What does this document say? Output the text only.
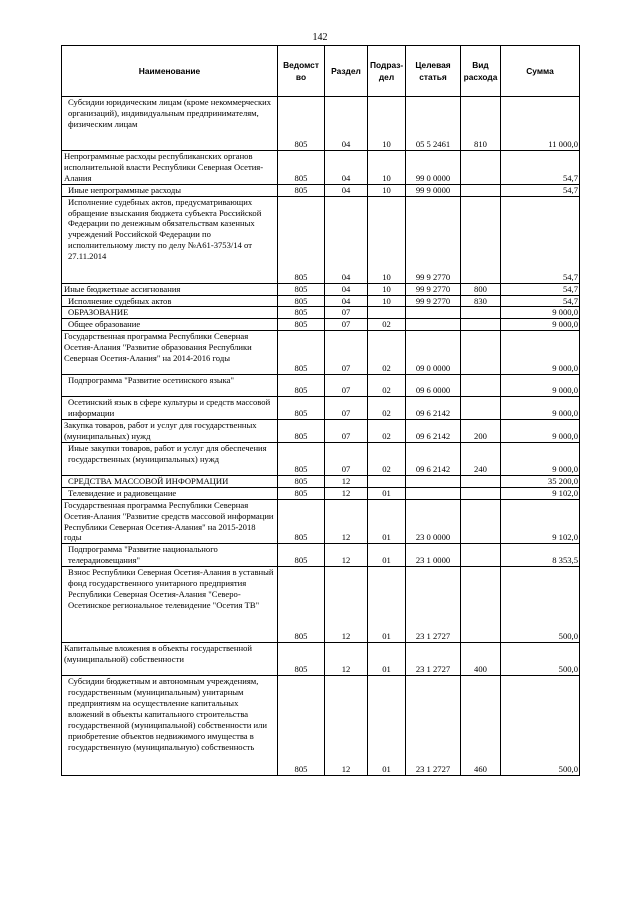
142
Наименование	Ведомст во	Раздел	Подраз- дел	Целевая статья	Вид расхода	Сумма
Субсидии юридическим лицам (кроме некоммерческих организаций), индивидуальным предпринимателям, физическим лицам	805	04	10	05 5 2461	810	11 000,0
Непрограммные расходы республиканских органов исполнительной власти Республики Северная Осетия-Алания	805	04	10	99 0 0000		54,7
Иные непрограммные расходы	805	04	10	99 9 0000		54,7
Исполнение судебных актов, предусматривающих обращение взыскания бюджета субъекта Российской Федерации по денежным обязательствам казенных учреждений Российской Федерации по исполнительному листу по делу №А61-3753/14 от 27.11.2014	805	04	10	99 9 2770		54,7
Иные бюджетные ассигнования	805	04	10	99 9 2770	800	54,7
Исполнение судебных актов	805	04	10	99 9 2770	830	54,7
ОБРАЗОВАНИЕ	805	07				9 000,0
Общее образование	805	07	02			9 000,0
Государственная программа Республики Северная Осетия-Алания "Развитие образования Республики Северная Осетия-Алания" на 2014-2016 годы	805	07	02	09 0 0000		9 000,0
Подпрограмма "Развитие осетинского языка"	805	07	02	09 6 0000		9 000,0
Осетинский язык в сфере культуры и средств массовой информации	805	07	02	09 6 2142		9 000,0
Закупка товаров, работ и услуг для государственных (муниципальных) нужд	805	07	02	09 6 2142	200	9 000,0
Иные закупки товаров, работ и услуг для обеспечения государственных (муниципальных) нужд	805	07	02	09 6 2142	240	9 000,0
СРЕДСТВА МАССОВОЙ ИНФОРМАЦИИ	805	12				35 200,0
Телевидение и радиовещание	805	12	01			9 102,0
Государственная программа Республики Северная Осетия-Алания "Развитие средств массовой информации Республики Северная Осетия-Алания" на 2015-2018 годы	805	12	01	23 0 0000		9 102,0
Подпрограмма "Развитие национального телерадиовещания"	805	12	01	23 1 0000		8 353,5
Взнос Республики Северная Осетия-Алания в уставный фонд государственного унитарного предприятия Республики Северная Осетия-Алания "Северо-Осетинское региональное телевидение "Осетия ТВ"	805	12	01	23 1 2727		500,0
Капитальные вложения в объекты государственной (муниципальной) собственности	805	12	01	23 1 2727	400	500,0
Субсидии бюджетным и автономным учреждениям, государственным (муниципальным) унитарным предприятиям на осуществление капитальных вложений в объекты капитального строительства государственной (муниципальной) собственности или приобретение объектов недвижимого имущества в государственную (муниципальную) собственность	805	12	01	23 1 2727	460	500,0
